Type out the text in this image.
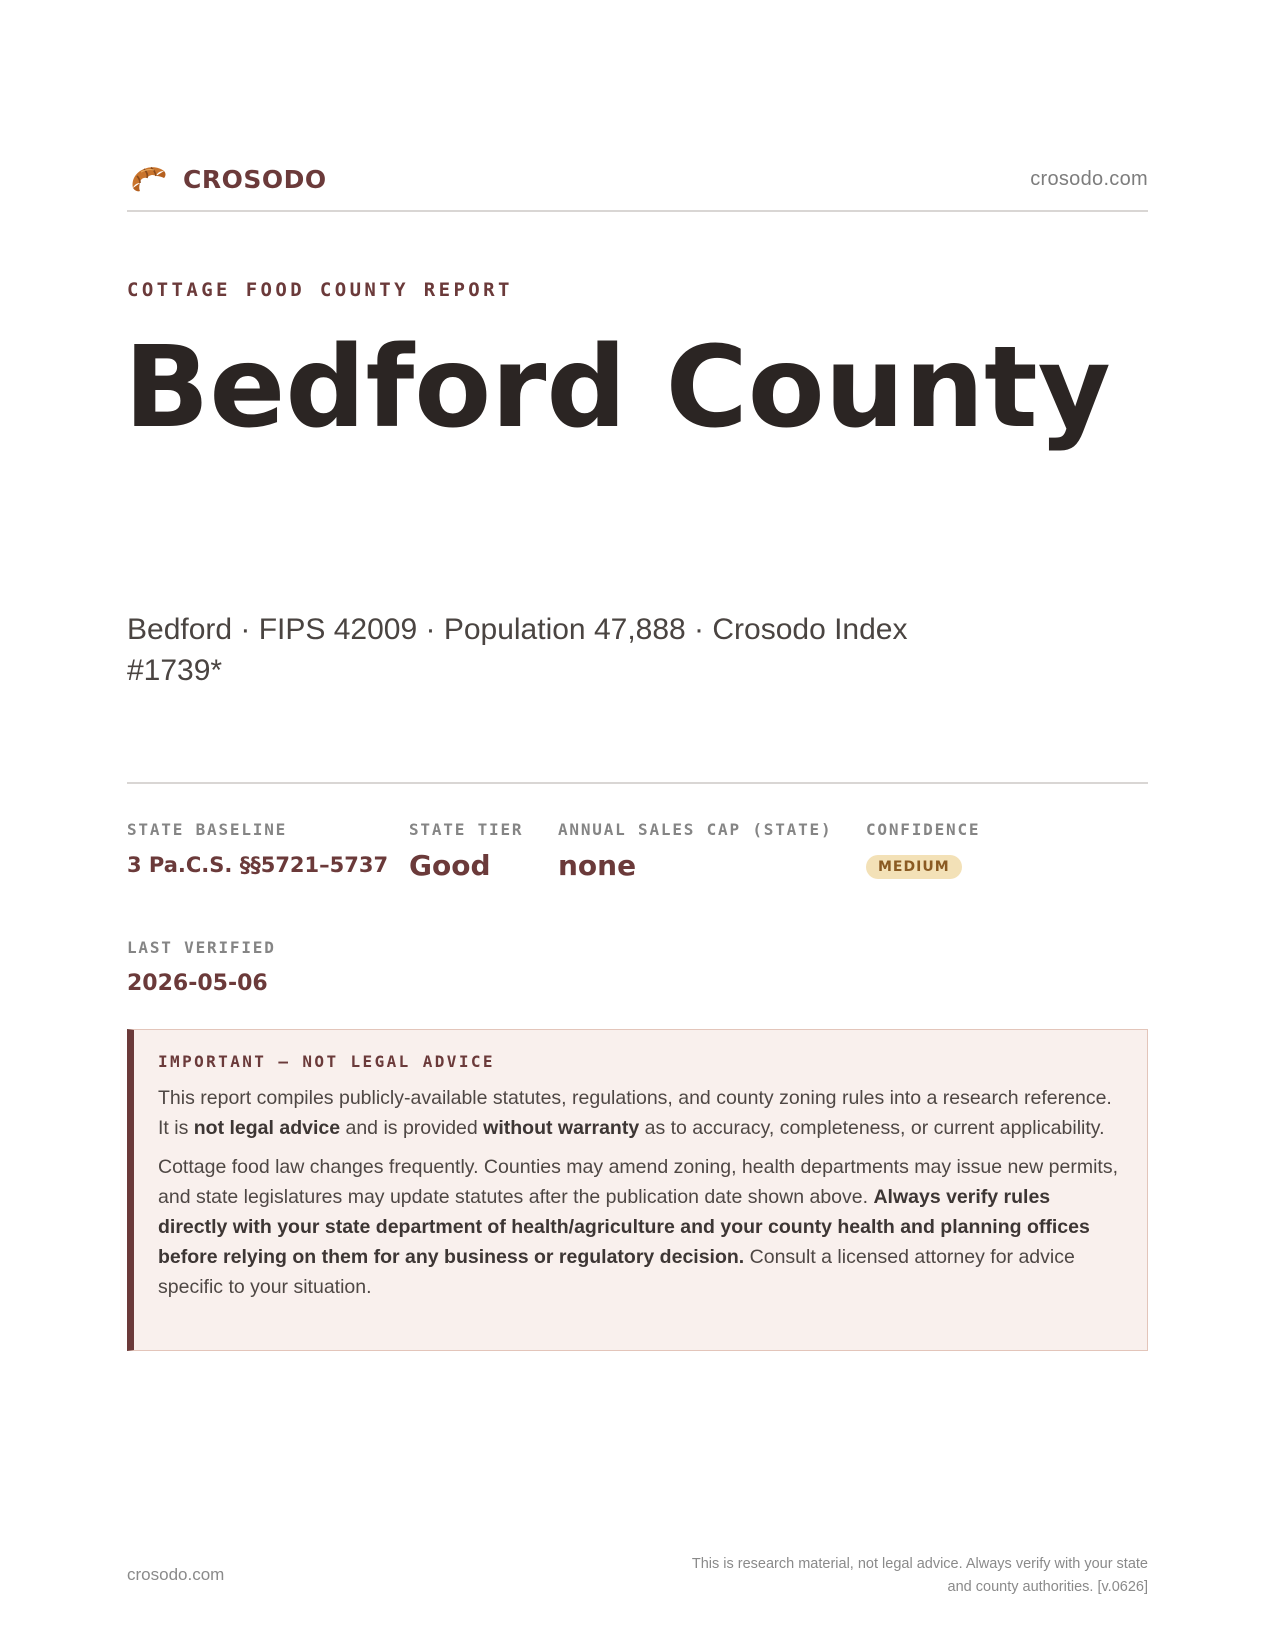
CROSODO	crosodo.com
COTTAGE FOOD COUNTY REPORT
Bedford County
Bedford · FIPS 42009 · Population 47,888 · Crosodo Index #1739*
STATE BASELINE
3 Pa.C.S. §§5721–5737
STATE TIER
Good
ANNUAL SALES CAP (STATE)
none
CONFIDENCE
MEDIUM
LAST VERIFIED
2026-05-06
IMPORTANT — NOT LEGAL ADVICE

This report compiles publicly-available statutes, regulations, and county zoning rules into a research reference. It is not legal advice and is provided without warranty as to accuracy, completeness, or current applicability.

Cottage food law changes frequently. Counties may amend zoning, health departments may issue new permits, and state legislatures may update statutes after the publication date shown above. Always verify rules directly with your state department of health/agriculture and your county health and planning offices before relying on them for any business or regulatory decision. Consult a licensed attorney for advice specific to your situation.

crosodo.com
This is research material, not legal advice. Always verify with your state
and county authorities. [v.0626]
